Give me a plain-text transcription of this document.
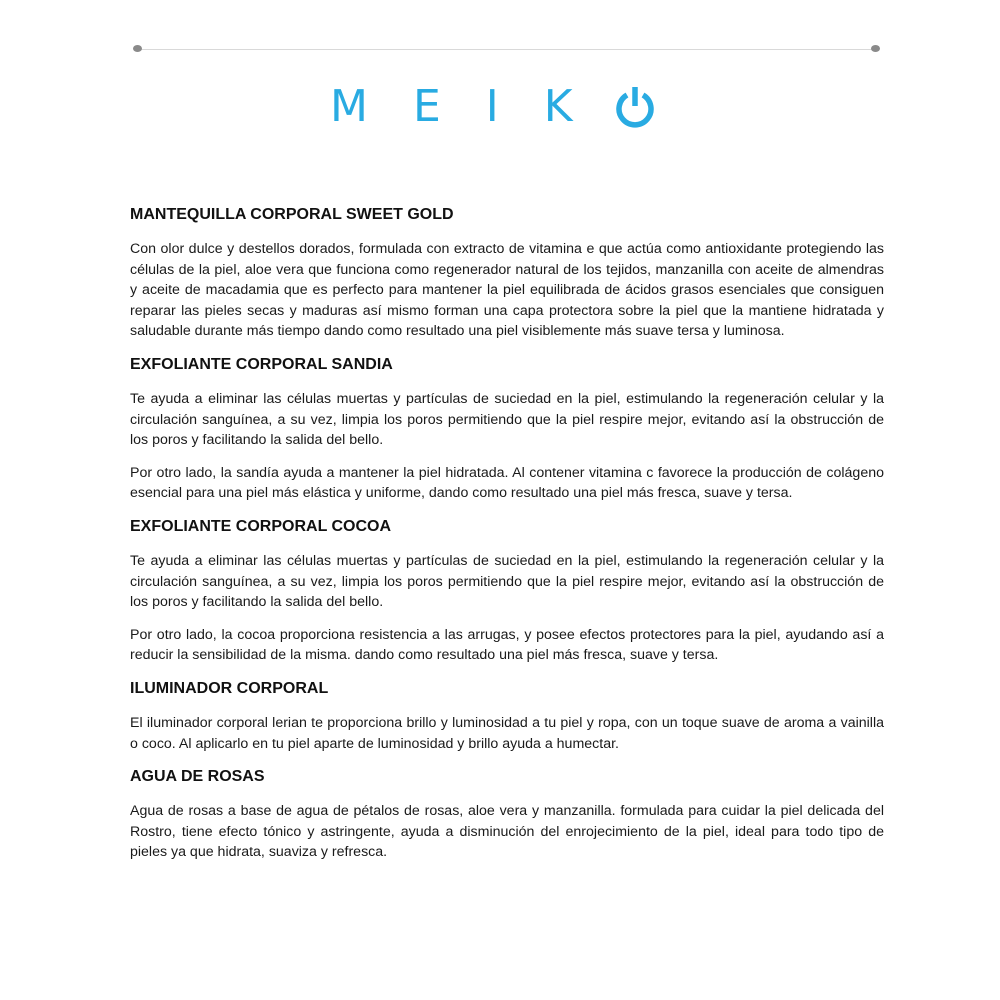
MEIK
MANTEQUILLA CORPORAL SWEET GOLD

Con olor dulce y destellos dorados, formulada con extracto de vitamina e que actúa como antioxidante protegiendo las células de la piel, aloe vera que funciona como regenerador natural de los tejidos, manzanilla con aceite de almendras y aceite de macadamia que es perfecto para mantener la piel equilibrada de ácidos grasos esenciales que consiguen reparar las pieles secas y maduras así mismo forman una capa protectora sobre la piel que la mantiene hidratada y saludable durante más tiempo dando como resultado una piel visiblemente más suave tersa y luminosa.

EXFOLIANTE CORPORAL SANDIA

Te ayuda a eliminar las células muertas y partículas de suciedad en la piel, estimulando la regeneración celular y la circulación sanguínea, a su vez, limpia los poros permitiendo que la piel respire mejor, evitando así la obstrucción de los poros y facilitando la salida del bello.

Por otro lado, la sandía ayuda a mantener la piel hidratada. Al contener vitamina c favorece la producción de colágeno esencial para una piel más elástica y uniforme, dando como resultado una piel más fresca, suave y tersa.

EXFOLIANTE CORPORAL COCOA

Te ayuda a eliminar las células muertas y partículas de suciedad en la piel, estimulando la regeneración celular y la circulación sanguínea, a su vez, limpia los poros permitiendo que la piel respire mejor, evitando así la obstrucción de los poros y facilitando la salida del bello.

Por otro lado, la cocoa proporciona resistencia a las arrugas, y posee efectos protectores para la piel, ayudando así a reducir la sensibilidad de la misma. dando como resultado una piel más fresca, suave y tersa.

ILUMINADOR CORPORAL

El iluminador corporal lerian te proporciona brillo y luminosidad a tu piel y ropa, con un toque suave de aroma a vainilla o coco. Al aplicarlo en tu piel aparte de luminosidad y brillo ayuda a humectar.

AGUA DE ROSAS

Agua de rosas a base de agua de pétalos de rosas, aloe vera y manzanilla. formulada para cuidar la piel delicada del Rostro, tiene efecto tónico y astringente, ayuda a disminución del enrojecimiento de la piel, ideal para todo tipo de pieles ya que hidrata, suaviza y refresca.
